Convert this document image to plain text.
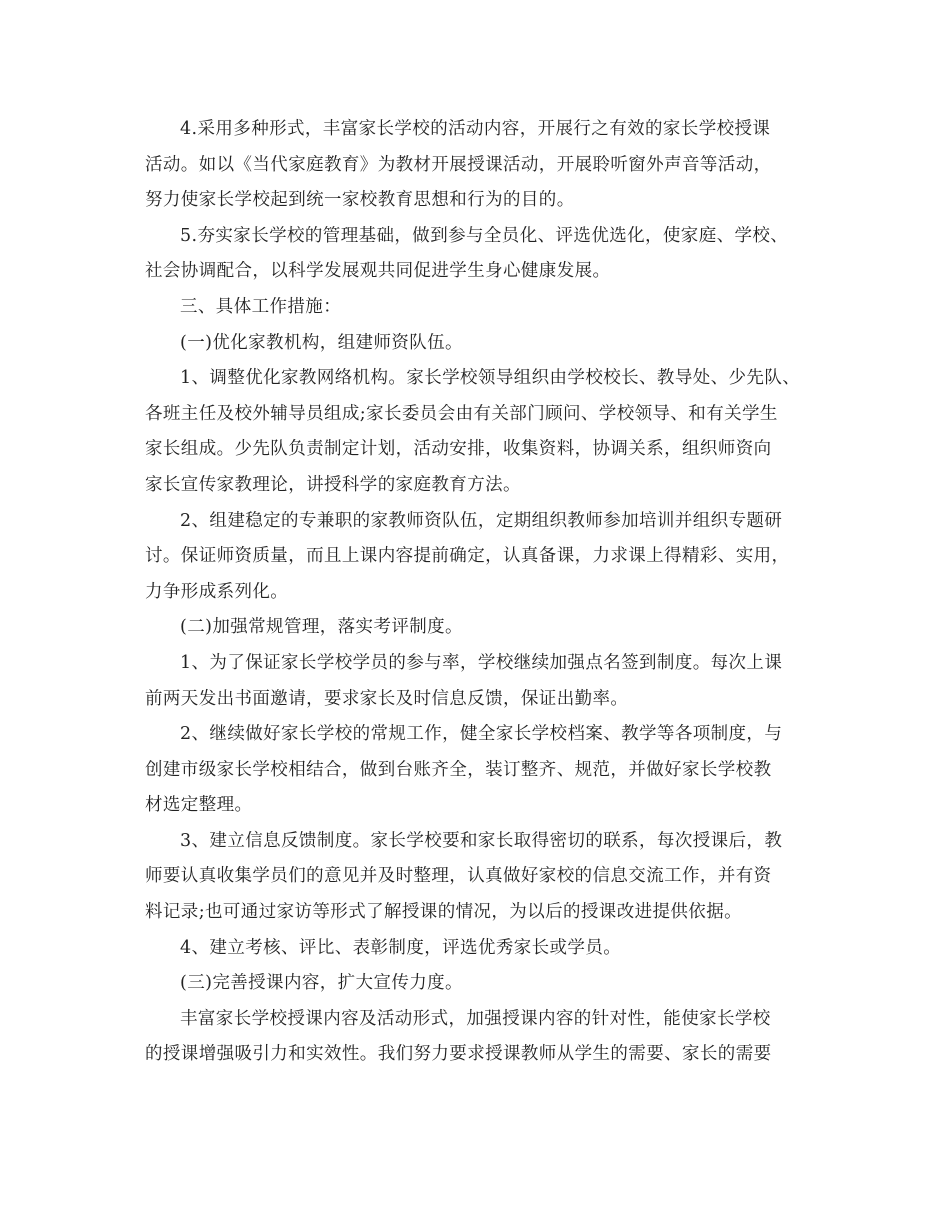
4.采用多种形式，丰富家长学校的活动内容，开展行之有效的家长学校授课
活动。如以《当代家庭教育》为教材开展授课活动，开展聆听窗外声音等活动，
努力使家长学校起到统一家校教育思想和行为的目的。
5.夯实家长学校的管理基础，做到参与全员化、评选优选化，使家庭、学校、
社会协调配合，以科学发展观共同促进学生身心健康发展。
三、具体工作措施：
(一)优化家教机构，组建师资队伍。
1、调整优化家教网络机构。家长学校领导组织由学校校长、教导处、少先队、
各班主任及校外辅导员组成;家长委员会由有关部门顾问、学校领导、和有关学生
家长组成。少先队负责制定计划，活动安排，收集资料，协调关系，组织师资向
家长宣传家教理论，讲授科学的家庭教育方法。
2、组建稳定的专兼职的家教师资队伍，定期组织教师参加培训并组织专题研
讨。保证师资质量，而且上课内容提前确定，认真备课，力求课上得精彩、实用，
力争形成系列化。
(二)加强常规管理，落实考评制度。
1、为了保证家长学校学员的参与率，学校继续加强点名签到制度。每次上课
前两天发出书面邀请，要求家长及时信息反馈，保证出勤率。
2、继续做好家长学校的常规工作，健全家长学校档案、教学等各项制度，与
创建市级家长学校相结合，做到台账齐全，装订整齐、规范，并做好家长学校教
材选定整理。
3、建立信息反馈制度。家长学校要和家长取得密切的联系，每次授课后，教
师要认真收集学员们的意见并及时整理，认真做好家校的信息交流工作，并有资
料记录;也可通过家访等形式了解授课的情况，为以后的授课改进提供依据。
4、建立考核、评比、表彰制度，评选优秀家长或学员。
(三)完善授课内容，扩大宣传力度。
丰富家长学校授课内容及活动形式，加强授课内容的针对性，能使家长学校
的授课增强吸引力和实效性。我们努力要求授课教师从学生的需要、家长的需要
